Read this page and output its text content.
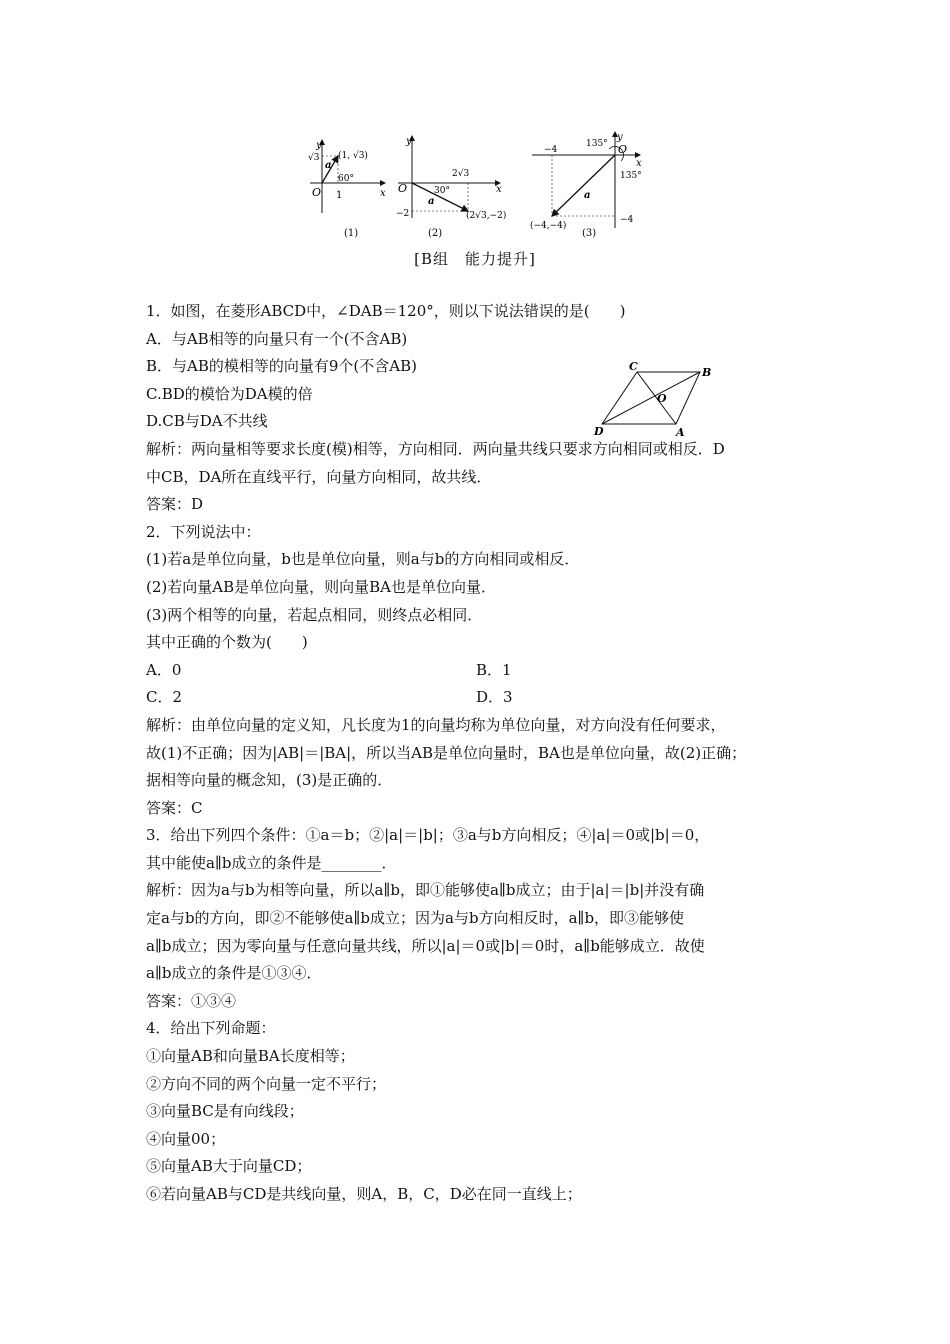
y
x
O 1
√3
a
(1, √3)
60°
(1)
y
x
O
2√3
−2
a
30°
(2√3,−2)
(2)
y
x
O
−4
−4
a
135°
135°
(−4,−4)
(3)
[B组　能力提升]
C	B
O
D	A
1．如图，在菱形ABCD中，∠DAB＝120°，则以下说法错误的是(　　)
A．与AB相等的向量只有一个(不含AB)
B．与AB的模相等的向量有9个(不含AB)
C.BD的模恰为DA模的倍
D.CB与DA不共线
解析：两向量相等要求长度(模)相等，方向相同．两向量共线只要求方向相同或相反．D
中CB，DA所在直线平行，向量方向相同，故共线．
答案：D
2．下列说法中：
(1)若a是单位向量，b也是单位向量，则a与b的方向相同或相反．
(2)若向量AB是单位向量，则向量BA也是单位向量．
(3)两个相等的向量，若起点相同，则终点必相同．
其中正确的个数为(　　)
A．0	B．1
C．2	D．3
解析：由单位向量的定义知，凡长度为1的向量均称为单位向量，对方向没有任何要求，
故(1)不正确；因为|AB|＝|BA|，所以当AB是单位向量时，BA也是单位向量，故(2)正确；
据相等向量的概念知，(3)是正确的．
答案：C
3．给出下列四个条件：①a＝b；②|a|＝|b|；③a与b方向相反；④|a|＝0或|b|＝0，
其中能使a∥b成立的条件是________．
解析：因为a与b为相等向量，所以a∥b，即①能够使a∥b成立；由于|a|＝|b|并没有确
定a与b的方向，即②不能够使a∥b成立；因为a与b方向相反时，a∥b，即③能够使
a∥b成立；因为零向量与任意向量共线，所以|a|＝0或|b|＝0时，a∥b能够成立．故使
a∥b成立的条件是①③④．
答案：①③④
4．给出下列命题：
①向量AB和向量BA长度相等；
②方向不同的两个向量一定不平行；
③向量BC是有向线段；
④向量00；
⑤向量AB大于向量CD；
⑥若向量AB与CD是共线向量，则A，B，C，D必在同一直线上；
